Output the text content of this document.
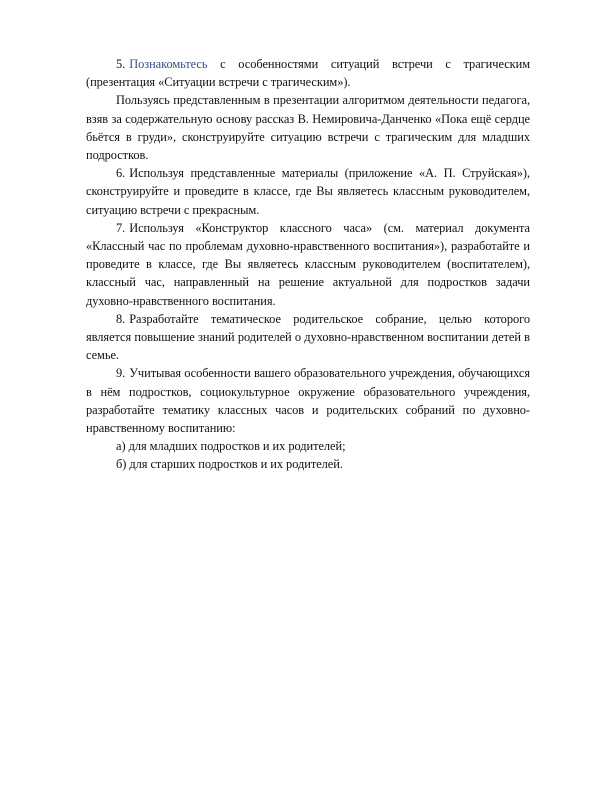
5. Познакомьтесь с особенностями ситуаций встречи с трагическим (презентация «Ситуации встречи с трагическим»).

Пользуясь представленным в презентации алгоритмом деятельности педагога, взяв за содержательную основу рассказ В. Немировича-Данченко «Пока ещё сердце бьётся в груди», сконструируйте ситуацию встречи с трагическим для младших подростков.

6. Используя представленные материалы (приложение «А. П. Струйская»), сконструируйте и проведите в классе, где Вы являетесь классным руководителем, ситуацию встречи с прекрасным.

7. Используя «Конструктор классного часа» (см. материал документа «Классный час по проблемам духовно-нравственного воспитания»), разработайте и проведите в классе, где Вы являетесь классным руководителем (воспитателем), классный час, направленный на решение актуальной для подростков задачи духовно-нравственного воспитания.

8. Разработайте тематическое родительское собрание, целью которого является повышение знаний родителей о духовно-нравственном воспитании детей в семье.

9. Учитывая особенности вашего образовательного учреждения, обучающихся в нём подростков, социокультурное окружение образовательного учреждения, разработайте тематику классных часов и родительских собраний по духовно-нравственному воспитанию:

а) для младших подростков и их родителей;

б) для старших подростков и их родителей.
